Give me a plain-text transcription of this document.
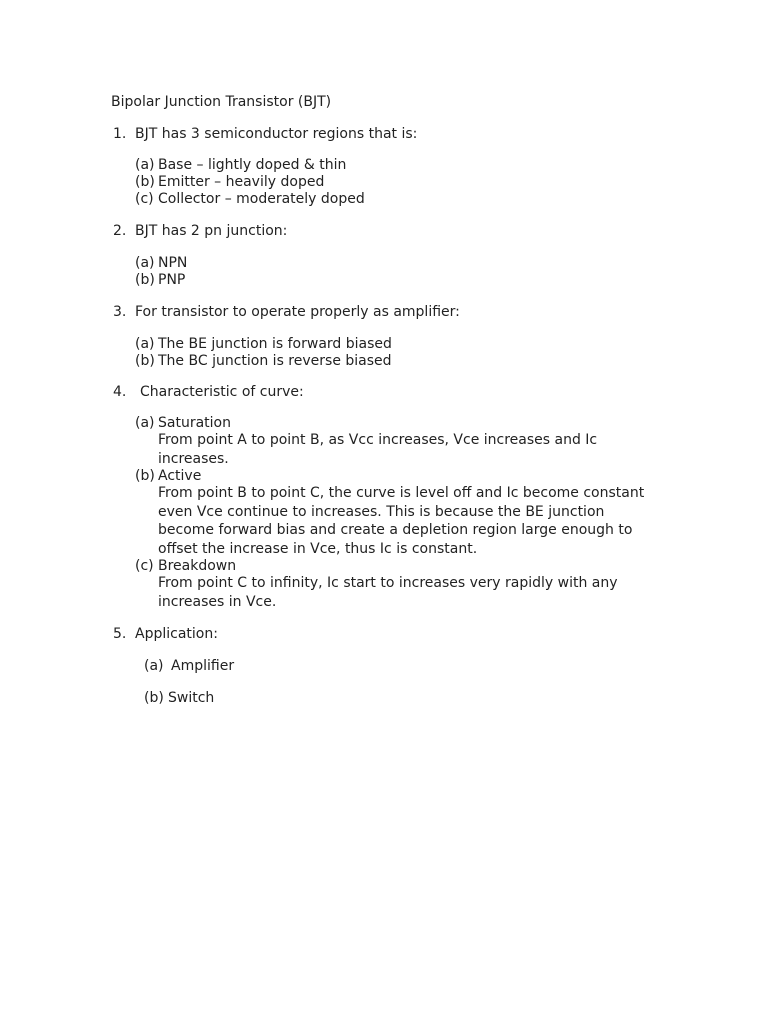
Bipolar Junction Transistor (BJT)
1. BJT has 3 semiconductor regions that is:
(a) Base – lightly doped & thin
(b) Emitter – heavily doped
(c) Collector – moderately doped
2. BJT has 2 pn junction:
(a) NPN
(b) PNP
3. For transistor to operate properly as amplifier:
(a) The BE junction is forward biased
(b) The BC junction is reverse biased
4. Characteristic of curve:
(a) Saturation
From point A to point B, as Vcc increases, Vce increases and Ic
increases.
(b) Active
From point B to point C, the curve is level off and Ic become constant
even Vce continue to increases. This is because the BE junction
become forward bias and create a depletion region large enough to
offset the increase in Vce, thus Ic is constant.
(c) Breakdown
From point C to infinity, Ic start to increases very rapidly with any
increases in Vce.
5. Application:
(a) Amplifier
(b) Switch
